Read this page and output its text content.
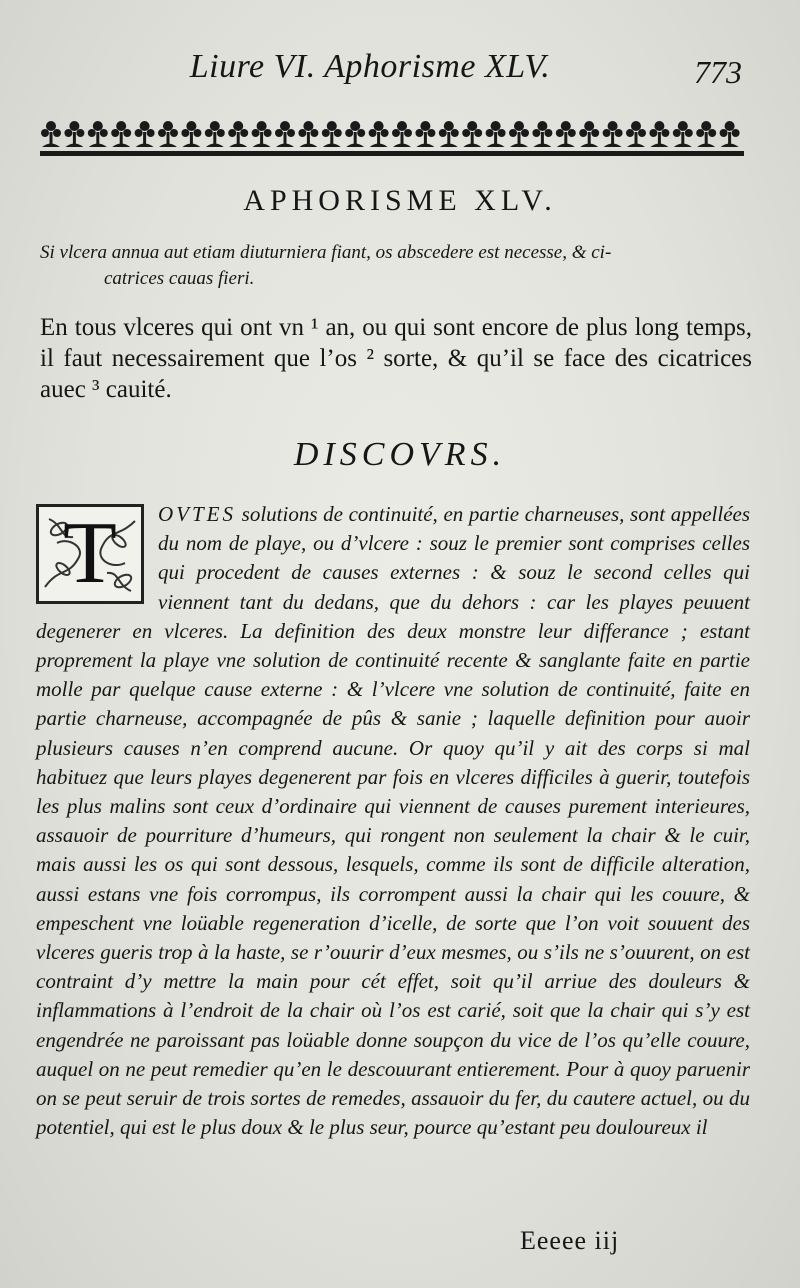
Liure VI. Aphorisme XLV.	773
APHORISME XLV.

Si vlcera annua aut etiam diuturniera fiant, os abscedere est necesse, & ci-
catrices cauas fieri.

En tous vlceres qui ont vn ¹ an, ou qui sont encore de plus long temps, il faut necessairement que l’os ² sorte, & qu’il se face des cicatrices auec ³ cauité.

DISCOVRS.

T	OVTES solutions de continuité, en partie charneuses, sont appellées du nom de playe, ou d’vlcere : souz le premier sont comprises celles qui procedent de causes externes : & souz le second celles qui viennent tant du dedans, que du dehors : car les playes peuuent degenerer en vlceres. La definition des deux monstre leur differance ; estant proprement la playe vne solution de continuité recente & sanglante faite en partie molle par quelque cause externe : & l’vlcere vne solution de continuité, faite en partie charneuse, accompagnée de pûs & sanie ; laquelle definition pour auoir plusieurs causes n’en comprend aucune. Or quoy qu’il y ait des corps si mal habituez que leurs playes degenerent par fois en vlceres difficiles à guerir, toutefois les plus malins sont ceux d’ordinaire qui viennent de causes purement interieures, assauoir de pourriture d’humeurs, qui rongent non seulement la chair & le cuir, mais aussi les os qui sont dessous, lesquels, comme ils sont de difficile alteration, aussi estans vne fois corrompus, ils corrompent aussi la chair qui les couure, & empeschent vne loüable regeneration d’icelle, de sorte que l’on voit souuent des vlceres gueris trop à la haste, se r’ouurir d’eux mesmes, ou s’ils ne s’ouurent, on est contraint d’y mettre la main pour cét effet, soit qu’il arriue des douleurs & inflammations à l’endroit de la chair où l’os est carié, soit que la chair qui s’y est engendrée ne paroissant pas loüable donne soupçon du vice de l’os qu’elle couure, auquel on ne peut remedier qu’en le descouurant entierement. Pour à quoy paruenir on se peut seruir de trois sortes de remedes, assauoir du fer, du cautere actuel, ou du potentiel, qui est le plus doux & le plus seur, pource qu’estant peu douloureux il

Eeeee iij
